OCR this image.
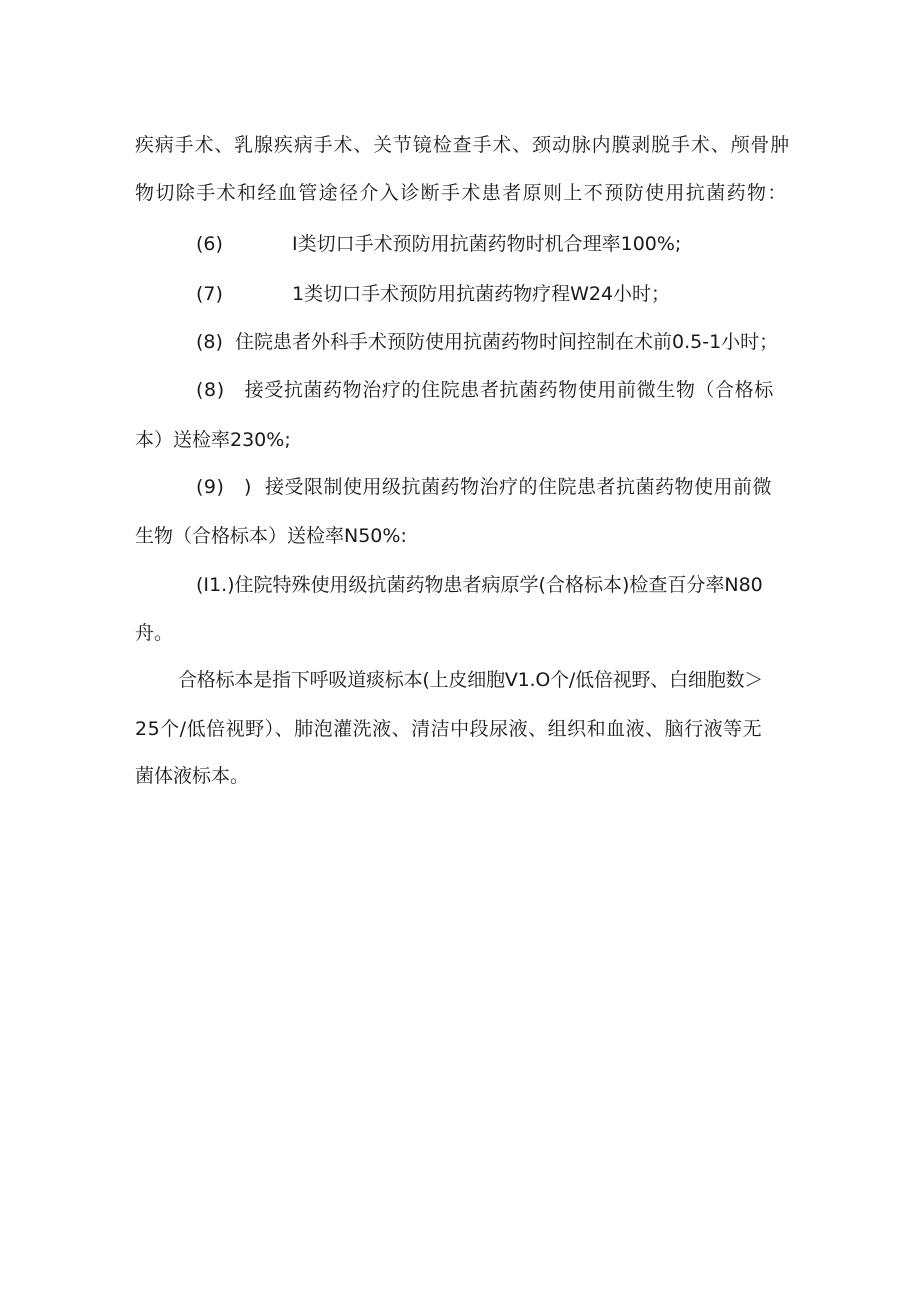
疾病手术、乳腺疾病手术、关节镜检查手术、颈动脉内膜剥脱手术、颅骨肿
物切除手术和经血管途径介入诊断手术患者原则上不预防使用抗菌药物：
(6)	I类切口手术预防用抗菌药物时机合理率100%;
(7)	1类切口手术预防用抗菌药物疗程W24小时；
(8)  住院患者外科手术预防使用抗菌药物时间控制在术前0.5-1小时；
(8)   接受抗菌药物治疗的住院患者抗菌药物使用前微生物（合格标
本）送检率230%;
(9)   )  接受限制使用级抗菌药物治疗的住院患者抗菌药物使用前微
生物（合格标本）送检率N50%:
(I1.)住院特殊使用级抗菌药物患者病原学(合格标本)检查百分率N80
舟。
合格标本是指下呼吸道痰标本(上皮细胞V1.O个/低倍视野、白细胞数＞
25个/低倍视野）、肺泡灌洗液、清洁中段尿液、组织和血液、脑行液等无
菌体液标本。
